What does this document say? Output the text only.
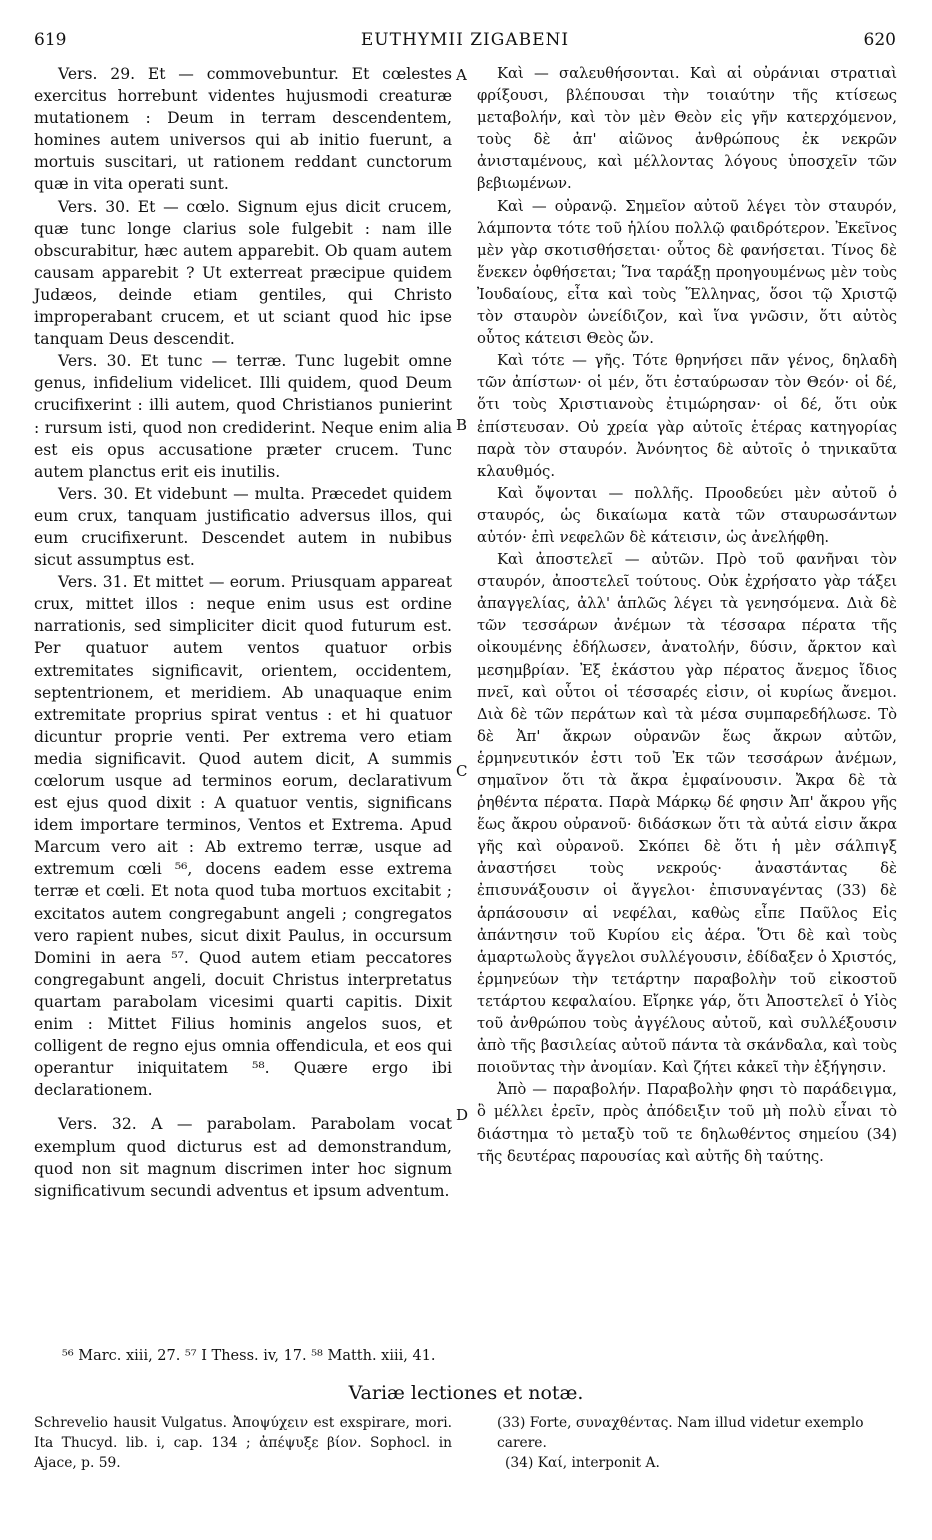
619	EUTHYMII ZIGABENI	620

Vers. 29. Et — commovebuntur. Et cœlestes exercitus horrebunt videntes hujusmodi creaturæ mutationem : Deum in terram descendentem, homines autem universos qui ab initio fuerunt, a mortuis suscitari, ut rationem reddant cunctorum quæ in vita operati sunt.

Vers. 30. Et — cœlo. Signum ejus dicit crucem, quæ tunc longe clarius sole fulgebit : nam ille obscurabitur, hæc autem apparebit. Ob quam autem causam apparebit ? Ut exterreat præcipue quidem Judæos, deinde etiam gentiles, qui Christo improperabant crucem, et ut sciant quod hic ipse tanquam Deus descendit.

Vers. 30. Et tunc — terræ. Tunc lugebit omne genus, infidelium videlicet. Illi quidem, quod Deum crucifixerint : illi autem, quod Christianos punierint : rursum isti, quod non crediderint. Neque enim alia est eis opus accusatione præter crucem. Tunc autem planctus erit eis inutilis.

Vers. 30. Et videbunt — multa. Præcedet quidem eum crux, tanquam justificatio adversus illos, qui eum crucifixerunt. Descendet autem in nubibus sicut assumptus est.

Vers. 31. Et mittet — eorum. Priusquam appareat crux, mittet illos : neque enim usus est ordine narrationis, sed simpliciter dicit quod futurum est. Per quatuor autem ventos quatuor orbis extremitates significavit, orientem, occidentem, septentrionem, et meridiem. Ab unaquaque enim extremitate proprius spirat ventus : et hi quatuor dicuntur proprie venti. Per extrema vero etiam media significavit. Quod autem dicit, A summis cœlorum usque ad terminos eorum, declarativum est ejus quod dixit : A quatuor ventis, significans idem importare terminos, Ventos et Extrema. Apud Marcum vero ait : Ab extremo terræ, usque ad extremum cœli ⁵⁶, docens eadem esse extrema terræ et cœli. Et nota quod tuba mortuos excitabit ; excitatos autem congregabunt angeli ; congregatos vero rapient nubes, sicut dixit Paulus, in occursum Domini in aera ⁵⁷. Quod autem etiam peccatores congregabunt angeli, docuit Christus interpretatus quartam parabolam vicesimi quarti capitis. Dixit enim : Mittet Filius hominis angelos suos, et colligent de regno ejus omnia offendicula, et eos qui operantur iniquitatem ⁵⁸. Quære ergo ibi declarationem.

Vers. 32. A — parabolam. Parabolam vocat exemplum quod dicturus est ad demonstrandum, quod non sit magnum discrimen inter hoc signum significativum secundi adventus et ipsum adventum.

A
B
C
D

Καὶ — σαλευθήσονται. Καὶ αἱ οὐράνιαι στρατιαὶ φρίξουσι, βλέπουσαι τὴν τοιαύτην τῆς κτίσεως μεταβολήν, καὶ τὸν μὲν Θεὸν εἰς γῆν κατερχόμενον, τοὺς δὲ ἀπ' αἰῶνος ἀνθρώπους ἐκ νεκρῶν ἀνισταμένους, καὶ μέλλοντας λόγους ὑποσχεῖν τῶν βεβιωμένων.

Καὶ — οὐρανῷ. Σημεῖον αὐτοῦ λέγει τὸν σταυρόν, λάμποντα τότε τοῦ ἡλίου πολλῷ φαιδρότερον. Ἐκεῖνος μὲν γὰρ σκοτισθήσεται· οὗτος δὲ φανήσεται. Τίνος δὲ ἕνεκεν ὀφθήσεται; Ἵνα ταράξῃ προηγουμένως μὲν τοὺς Ἰουδαίους, εἶτα καὶ τοὺς Ἕλληνας, ὅσοι τῷ Χριστῷ τὸν σταυρὸν ὠνείδιζον, καὶ ἵνα γνῶσιν, ὅτι αὐτὸς οὗτος κάτεισι Θεὸς ὤν.

Καὶ τότε — γῆς. Τότε θρηνήσει πᾶν γένος, δηλαδὴ τῶν ἀπίστων· οἱ μέν, ὅτι ἐσταύρωσαν τὸν Θεόν· οἱ δέ, ὅτι τοὺς Χριστιανοὺς ἐτιμώρησαν· οἱ δέ, ὅτι οὐκ ἐπίστευσαν. Οὐ χρεία γὰρ αὐτοῖς ἑτέρας κατηγορίας παρὰ τὸν σταυρόν. Ἀνόνητος δὲ αὐτοῖς ὁ τηνικαῦτα κλαυθμός.

Καὶ ὄψονται — πολλῆς. Προοδεύει μὲν αὐτοῦ ὁ σταυρός, ὡς δικαίωμα κατὰ τῶν σταυρωσάντων αὐτόν· ἐπὶ νεφελῶν δὲ κάτεισιν, ὡς ἀνελήφθη.

Καὶ ἀποστελεῖ — αὐτῶν. Πρὸ τοῦ φανῆναι τὸν σταυρόν, ἀποστελεῖ τούτους. Οὐκ ἐχρήσατο γὰρ τάξει ἀπαγγελίας, ἀλλ' ἁπλῶς λέγει τὰ γενησόμενα. Διὰ δὲ τῶν τεσσάρων ἀνέμων τὰ τέσσαρα πέρατα τῆς οἰκουμένης ἐδήλωσεν, ἀνατολήν, δύσιν, ἄρκτον καὶ μεσημβρίαν. Ἐξ ἑκάστου γὰρ πέρατος ἄνεμος ἴδιος πνεῖ, καὶ οὗτοι οἱ τέσσαρές εἰσιν, οἱ κυρίως ἄνεμοι. Διὰ δὲ τῶν περάτων καὶ τὰ μέσα συμπαρεδήλωσε. Τὸ δὲ Ἀπ' ἄκρων οὐρανῶν ἕως ἄκρων αὐτῶν, ἑρμηνευτικόν ἐστι τοῦ Ἐκ τῶν τεσσάρων ἀνέμων, σημαῖνον ὅτι τὰ ἄκρα ἐμφαίνουσιν. Ἄκρα δὲ τὰ ῥηθέντα πέρατα. Παρὰ Μάρκῳ δέ φησιν Ἀπ' ἄκρου γῆς ἕως ἄκρου οὐρανοῦ· διδάσκων ὅτι τὰ αὐτά εἰσιν ἄκρα γῆς καὶ οὐρανοῦ. Σκόπει δὲ ὅτι ἡ μὲν σάλπιγξ ἀναστήσει τοὺς νεκρούς· ἀναστάντας δὲ ἐπισυνάξουσιν οἱ ἄγγελοι· ἐπισυναγέντας (33) δὲ ἁρπάσουσιν αἱ νεφέλαι, καθὼς εἶπε Παῦλος Εἰς ἀπάντησιν τοῦ Κυρίου εἰς ἀέρα. Ὅτι δὲ καὶ τοὺς ἁμαρτωλοὺς ἄγγελοι συλλέγουσιν, ἐδίδαξεν ὁ Χριστός, ἑρμηνεύων τὴν τετάρτην παραβολὴν τοῦ εἰκοστοῦ τετάρτου κεφαλαίου. Εἴρηκε γάρ, ὅτι Ἀποστελεῖ ὁ Υἱὸς τοῦ ἀνθρώπου τοὺς ἀγγέλους αὐτοῦ, καὶ συλλέξουσιν ἀπὸ τῆς βασιλείας αὐτοῦ πάντα τὰ σκάνδαλα, καὶ τοὺς ποιοῦντας τὴν ἀνομίαν. Καὶ ζήτει κἀκεῖ τὴν ἐξήγησιν.

Ἀπὸ — παραβολήν. Παραβολὴν φησι τὸ παράδειγμα, ὃ μέλλει ἐρεῖν, πρὸς ἀπόδειξιν τοῦ μὴ πολὺ εἶναι τὸ διάστημα τὸ μεταξὺ τοῦ τε δηλωθέντος σημείου (34) τῆς δευτέρας παρουσίας καὶ αὐτῆς δὴ ταύτης.

⁵⁶ Marc. xiii, 27. ⁵⁷ I Thess. iv, 17. ⁵⁸ Matth. xiii, 41.
Variæ lectiones et notæ.

Schrevelio hausit Vulgatus. Ἀποψύχειν est exspirare, mori. Ita Thucyd. lib. i, cap. 134 ; ἀπέψυξε βίον. Sophocl. in Ajace, p. 59.

(33) Forte, συναχθέντας. Nam illud videtur exemplo carere.

(34) Καί, interponit A.
